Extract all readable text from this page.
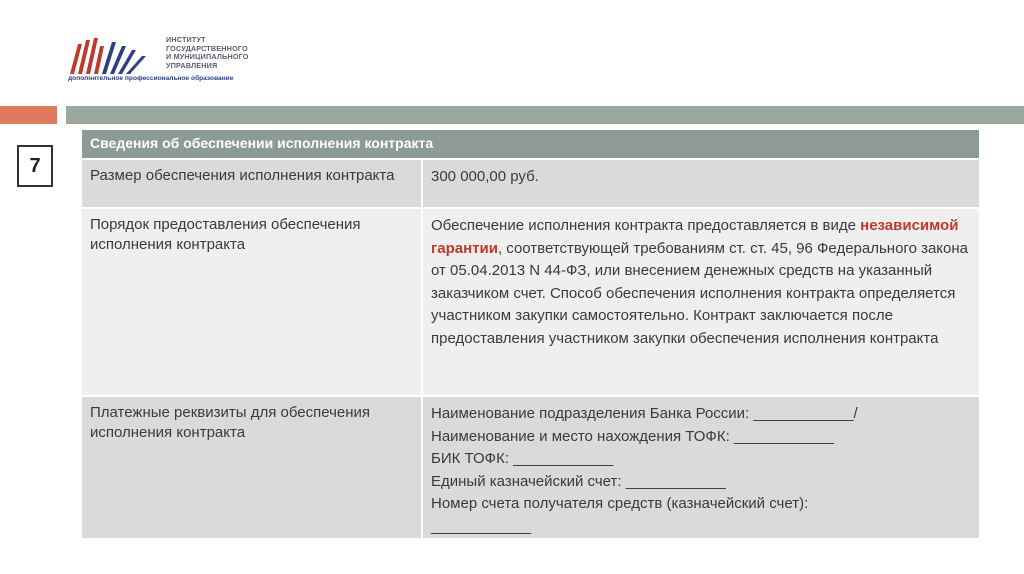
ИНСТИТУТ
ГОСУДАРСТВЕННОГО
И МУНИЦИПАЛЬНОГО
УПРАВЛЕНИЯ
дополнительное профессиональное образование
7
Сведения об обеспечении исполнения контракта
Размер обеспечения исполнения контракта	300 000,00 руб.
Порядок предоставления обеспечения исполнения контракта
Обеспечение исполнения контракта предоставляется в виде независимой гарантии, соответствующей требованиям ст. ст. 45, 96 Федерального закона от 05.04.2013 N 44-ФЗ, или внесением денежных средств на указанный заказчиком счет. Способ обеспечения исполнения контракта определяется участником закупки самостоятельно. Контракт заключается после предоставления участником закупки обеспечения исполнения контракта
Платежные реквизиты для обеспечения исполнения контракта
Наименование подразделения Банка России: ____________/
Наименование и место нахождения ТОФК: ____________
БИК ТОФК: ____________
Единый казначейский счет: ____________
Номер счета получателя средств (казначейский счет):
____________
